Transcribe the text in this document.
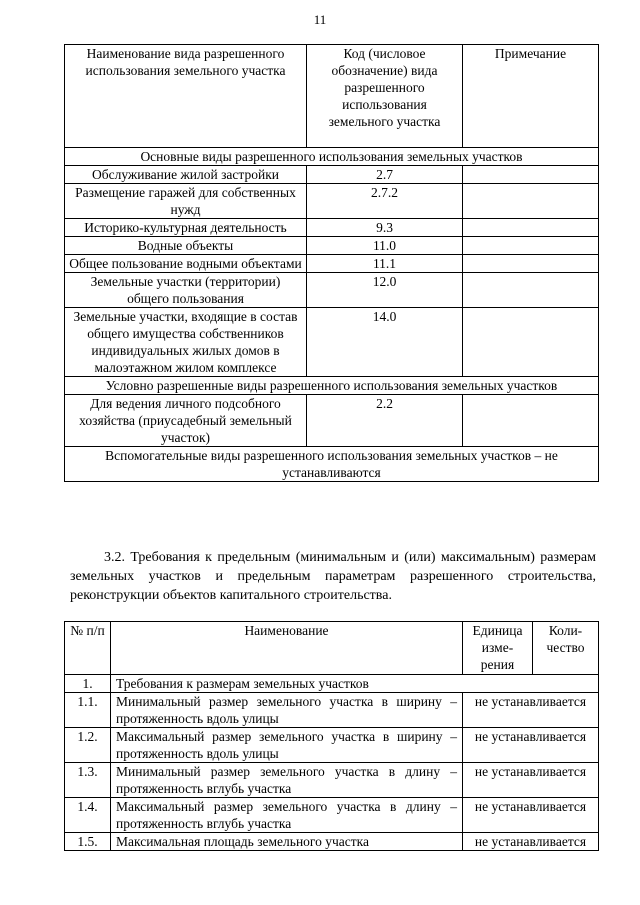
11
Наименование вида разрешенного использования земельного участка	Код (числовое обозначение) вида разрешенного использования земельного участка	Примечание
Основные виды разрешенного использования земельных участков		
Обслуживание жилой застройки	2.7	
Размещение гаражей для собственных нужд	2.7.2	
Историко-культурная деятельность	9.3	
Водные объекты	11.0	
Общее пользование водными объектами	11.1	
Земельные участки (территории) общего пользования	12.0	
Земельные участки, входящие в состав общего имущества собственников индивидуальных жилых домов в малоэтажном жилом комплексе	14.0	
Условно разрешенные виды разрешенного использования земельных участков		
Для ведения личного подсобного хозяйства (приусадебный земельный участок)	2.2	
Вспомогательные виды разрешенного использования земельных участков – не устанавливаются		
3.2. Требования к предельным (минимальным и (или) максимальным) размерам земельных участков и предельным параметрам разрешенного строительства, реконструкции объектов капитального строительства.
№ п/п	Наименование	Единица изме-рения	Коли-чество
1.	Требования к размерам земельных участков		
1.1.	Минимальный размер земельного участка в ширину – протяженность вдоль улицы	не устанавливается	
1.2.	Максимальный размер земельного участка в ширину – протяженность вдоль улицы	не устанавливается	
1.3.	Минимальный размер земельного участка в длину – протяженность вглубь участка	не устанавливается	
1.4.	Максимальный размер земельного участка в длину – протяженность вглубь участка	не устанавливается	
1.5.	Максимальная площадь земельного участка	не устанавливается	
